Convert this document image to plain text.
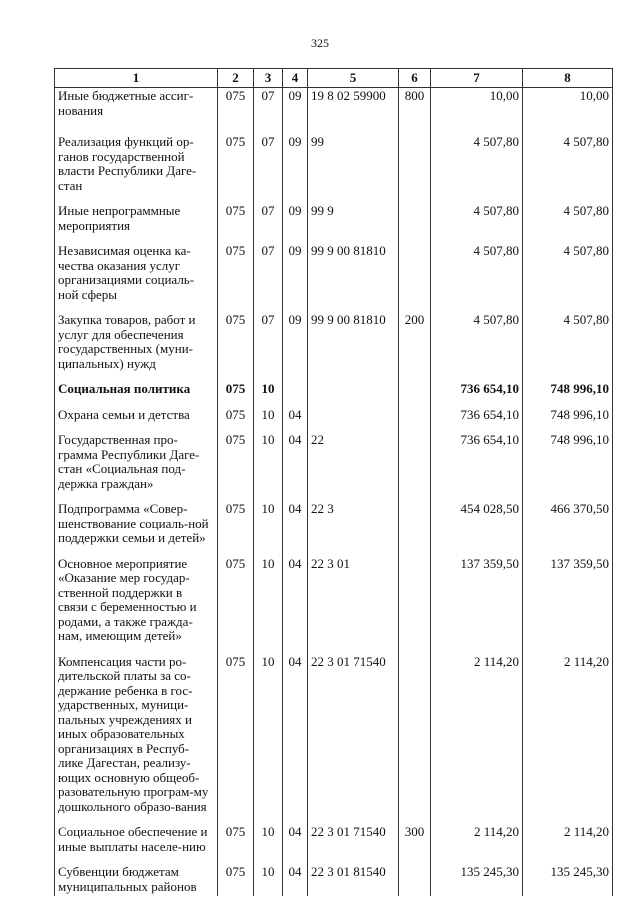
325
1	2	3	4	5	6	7	8
Иные бюджетные ассиг-нования	075	07	09	19 8 02 59900	800	10,00	10,00
Реализация функций ор-ганов государственной власти Республики Даге-стан	075	07	09	99		4 507,80	4 507,80
Иные непрограммные мероприятия	075	07	09	99 9		4 507,80	4 507,80
Независимая оценка ка-чества оказания услуг организациями социаль-ной сферы	075	07	09	99 9 00 81810		4 507,80	4 507,80
Закупка товаров, работ и услуг для обеспечения государственных (муни-ципальных) нужд	075	07	09	99 9 00 81810	200	4 507,80	4 507,80
Социальная политика	075	10				736 654,10	748 996,10
Охрана семьи и детства	075	10	04			736 654,10	748 996,10
Государственная про-грамма Республики Даге-стан «Социальная под-держка граждан»	075	10	04	22		736 654,10	748 996,10
Подпрограмма «Совер-шенствование социаль-ной поддержки семьи и детей»	075	10	04	22 3		454 028,50	466 370,50
Основное мероприятие «Оказание мер государ-ственной поддержки в связи с беременностью и родами, а также гражда-нам, имеющим детей»	075	10	04	22 3 01		137 359,50	137 359,50
Компенсация части ро-дительской платы за со-держание ребенка в гос-ударственных, муници-пальных учреждениях и иных образовательных организациях в Респуб-лике Дагестан, реализу-ющих основную общеоб-разовательную програм-му дошкольного образо-вания	075	10	04	22 3 01 71540		2 114,20	2 114,20
Социальное обеспечение и иные выплаты населе-нию	075	10	04	22 3 01 71540	300	2 114,20	2 114,20
Субвенции бюджетам муниципальных районов	075	10	04	22 3 01 81540		135 245,30	135 245,30
